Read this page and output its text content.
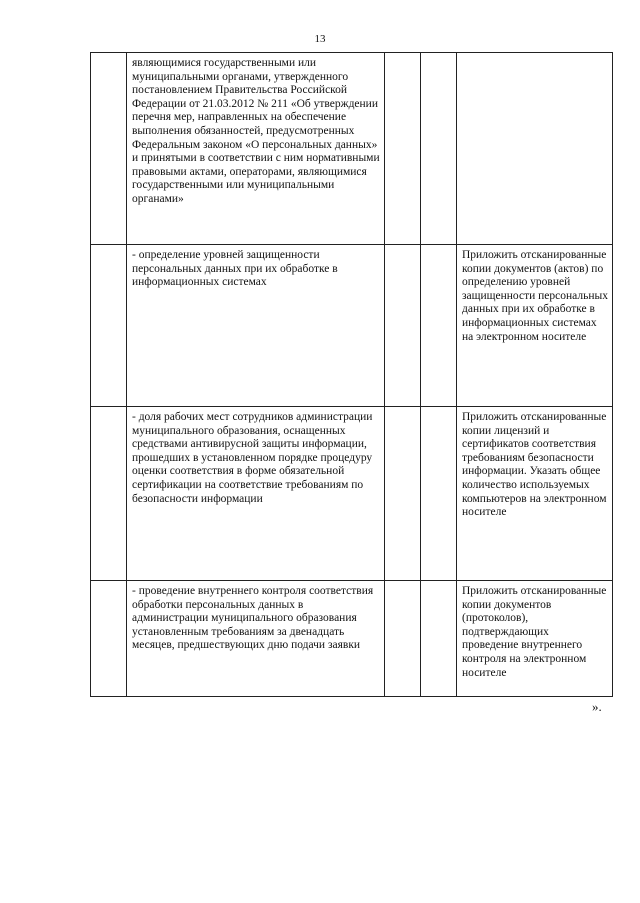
13
	являющимися государственными или муниципальными органами, утвержденного постановлением Правительства Российской Федерации от 21.03.2012 № 211 «Об утверждении перечня мер, направленных на обеспечение выполнения обязанностей, предусмотренных Федеральным законом «О персональных данных» и принятыми в соответствии с ним нормативными правовыми актами, операторами, являющимися государственными или муниципальными органами»			
	- определение уровней защищенности персональных данных при их обработке в информационных системах			Приложить отсканированные копии документов (актов) по определению уровней защищенности персональных данных при их обработке в информационных системах на электронном носителе
	- доля рабочих мест сотрудников администрации муниципального образования, оснащенных средствами антивирусной защиты информации, прошедших в установленном порядке процедуру оценки соответствия в форме обязательной сертификации на соответствие требованиям по безопасности информации			Приложить отсканированные копии лицензий и сертификатов соответствия требованиям безопасности информации. Указать общее количество используемых компьютеров на электронном носителе
	- проведение внутреннего контроля соответствия обработки персональных данных в администрации муниципального образования установленным требованиям за двенадцать месяцев, предшествующих дню подачи заявки			Приложить отсканированные копии документов (протоколов), подтверждающих проведение внутреннего контроля на электронном носителе
».
